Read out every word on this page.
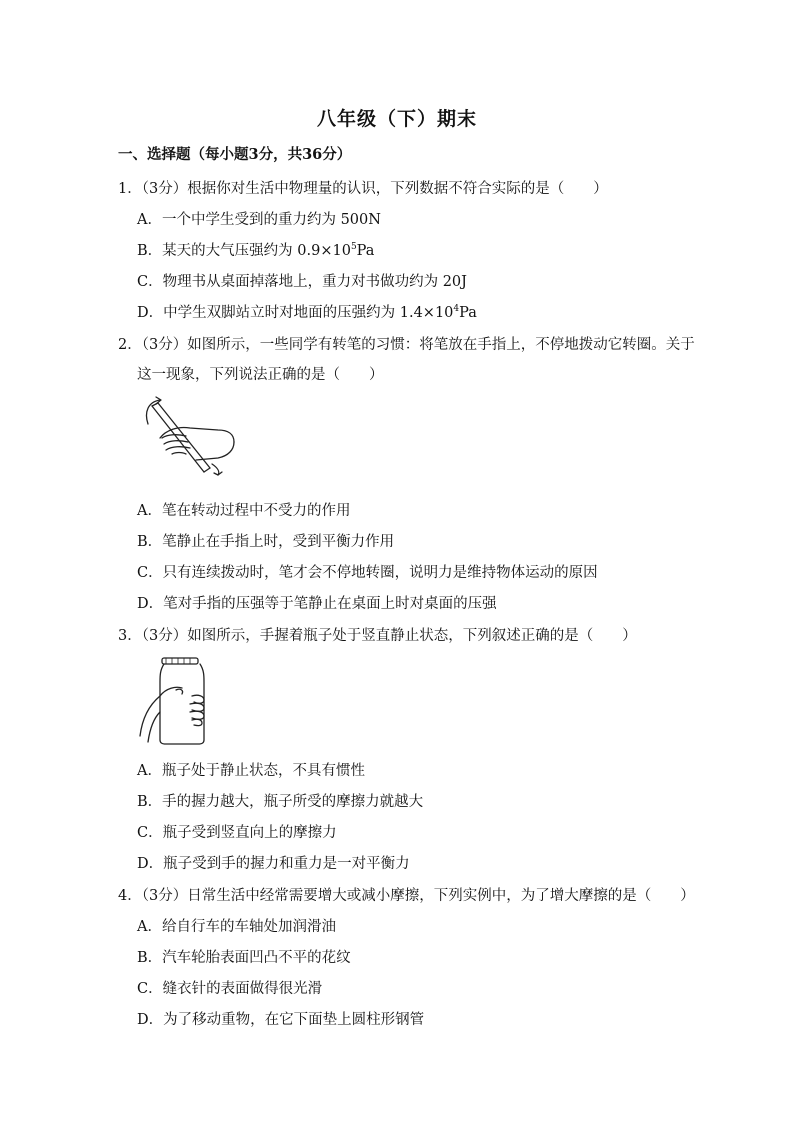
八年级（下）期末
一、选择题（每小题3分，共36分）
1．（3分）根据你对生活中物理量的认识，下列数据不符合实际的是（　　）
A．一个中学生受到的重力约为 500N
B．某天的大气压强约为 $0.9\times 10^5Pa$
C．物理书从桌面掉落地上，重力对书做功约为 20J
D．中学生双脚站立时对地面的压强约为 $1.4\times 10^4Pa$
2．（3分）如图所示，一些同学有转笔的习惯：将笔放在手指上，不停地拨动它转圈。关于
这一现象，下列说法正确的是（　　）
A．笔在转动过程中不受力的作用
B．笔静止在手指上时，受到平衡力作用
C．只有连续拨动时，笔才会不停地转圈，说明力是维持物体运动的原因
D．笔对手指的压强等于笔静止在桌面上时对桌面的压强
3．（3分）如图所示，手握着瓶子处于竖直静止状态，下列叙述正确的是（　　）
A．瓶子处于静止状态，不具有惯性
B．手的握力越大，瓶子所受的摩擦力就越大
C．瓶子受到竖直向上的摩擦力
D．瓶子受到手的握力和重力是一对平衡力
4．（3分）日常生活中经常需要增大或减小摩擦，下列实例中，为了增大摩擦的是（　　）
A．给自行车的车轴处加润滑油
B．汽车轮胎表面凹凸不平的花纹
C．缝衣针的表面做得很光滑
D．为了移动重物，在它下面垫上圆柱形钢管
